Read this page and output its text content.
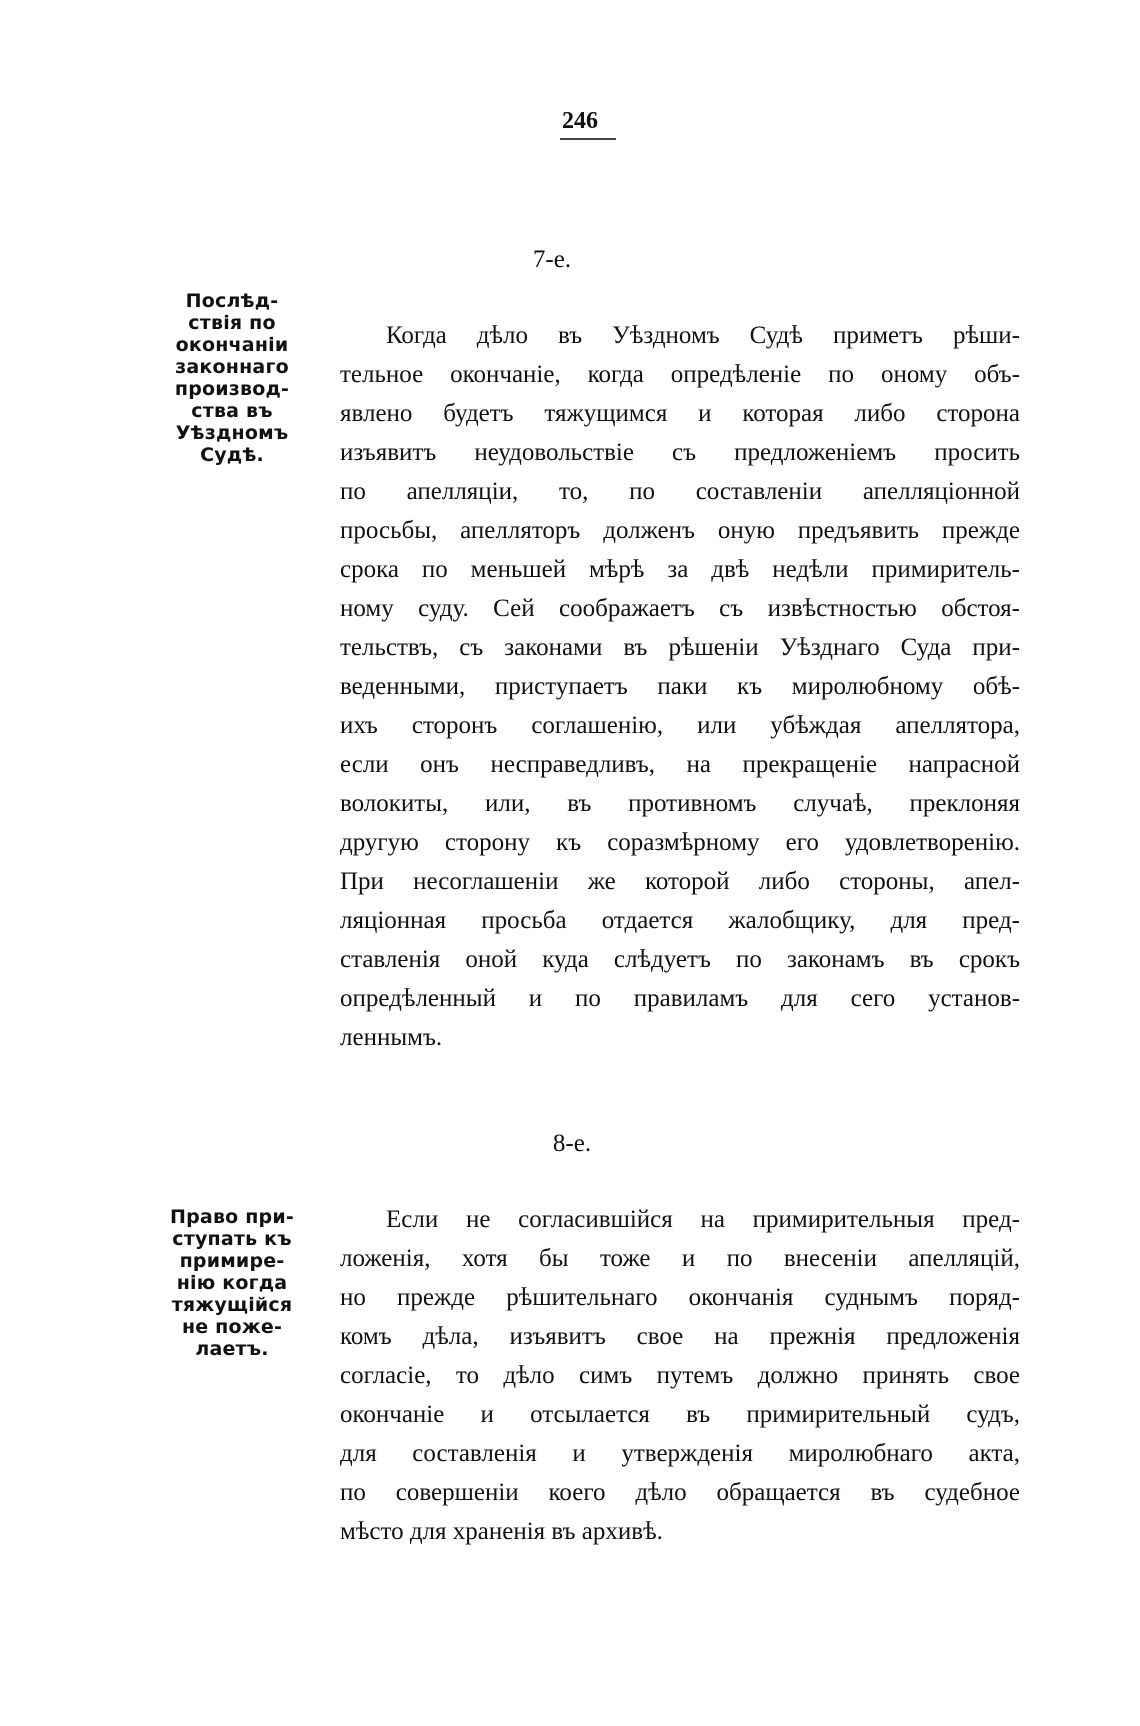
246
7-е.
Послѣд-
ствія по
окончаніи
законнаго
производ-
ства въ
Уѣздномъ
Судѣ.
Когда дѣло въ Уѣздномъ Судѣ приметъ рѣши-
тельное окончаніе, когда опредѣленіе по оному объ-
явлено будетъ тяжущимся и которая либо сторона
изъявитъ неудовольствіе съ предложеніемъ просить
по апелляціи, то, по составленіи апелляціонной
просьбы, апелляторъ долженъ оную предъявить прежде
срока по меньшей мѣрѣ за двѣ недѣли примиритель-
ному суду. Сей соображаетъ съ извѣстностью обстоя-
тельствъ, съ законами въ рѣшеніи Уѣзднаго Суда при-
веденными, приступаетъ паки къ миролюбному обѣ-
ихъ сторонъ соглашенію, или убѣждая апеллятора,
если онъ несправедливъ, на прекращеніе напрасной
волокиты, или, въ противномъ случаѣ, преклоняя
другую сторону къ соразмѣрному его удовлетворенію.
При несоглашеніи же которой либо стороны, апел-
ляціонная просьба отдается жалобщику, для пред-
ставленія оной куда слѣдуетъ по законамъ въ срокъ
опредѣленный и по правиламъ для сего установ-
леннымъ.
8-е.
Право при-
ступать къ
примире-
нію когда
тяжущійся
не поже-
лаетъ.
Если не согласившійся на примирительныя пред-
ложенія, хотя бы тоже и по внесеніи апелляцій,
но прежде рѣшительнаго окончанія суднымъ поряд-
комъ дѣла, изъявитъ свое на прежнія предложенія
согласіе, то дѣло симъ путемъ должно принять свое
окончаніе и отсылается въ примирительный судъ,
для составленія и утвержденія миролюбнаго акта,
по совершеніи коего дѣло обращается въ судебное
мѣсто для храненія въ архивѣ.
